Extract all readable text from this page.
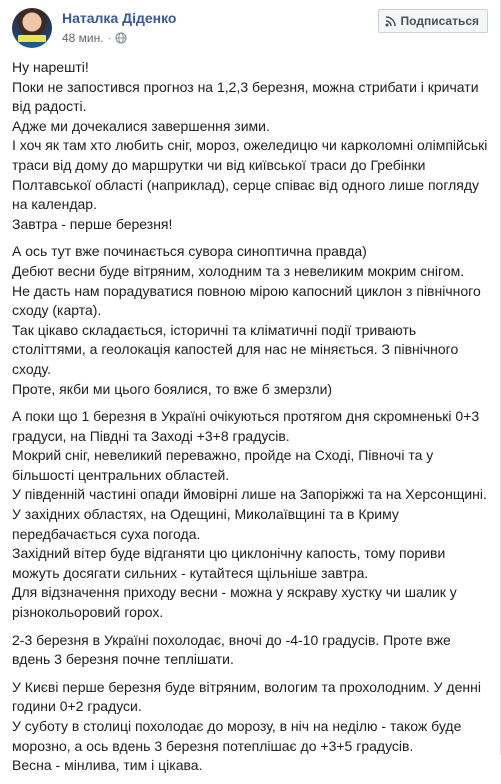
Наталка Діденко
48 мин. ·
Подписаться
Ну нарешті!
Поки не запостився прогноз на 1,2,3 березня, можна стрибати і кричати від радості.
Адже ми дочекалися завершення зими.
І хоч як там хто любить сніг, мороз, ожеледицю чи карколомні олімпійські траси від дому до маршрутки чи від київської траси до Гребінки Полтавської області (наприклад), серце співає від одного лише погляду на календар.
Завтра - перше березня!
А ось тут вже починається сувора синоптична правда)
Дебют весни буде вітряним, холодним та з невеликим мокрим снігом.
Не дасть нам порадуватися повною мірою капосний циклон з північного сходу (карта).
Так цікаво складається, історичні та кліматичні події тривають століттями, а геолокація капостей для нас не міняється. З північного сходу.
Проте, якби ми цього боялися, то вже б змерзли)
А поки що 1 березня в Україні очікуються протягом дня скромненькі 0+3 градуси, на Півдні та Заході +3+8 градусів.
Мокрий сніг, невеликий переважно, пройде на Сході, Півночі та у більшості центральних областей.
У південній частині опади ймовірні лише на Запоріжжі та на Херсонщині.
У західних областях, на Одещині, Миколаївщині та в Криму передбачається суха погода.
Західний вітер буде відганяти цю циклонічну капость, тому пориви можуть досягати сильних - кутайтеся щільніше завтра.
Для відзначення приходу весни - можна у яскраву хустку чи шалик у різнокольоровий горох.
2-3 березня в Україні похолодає, вночі до -4-10 градусів. Проте вже вдень 3 березня почне теплішати.
У Києві перше березня буде вітряним, вологим та прохолодним. У денні години 0+2 градуси.
У суботу в столиці похолодає до морозу, в ніч на неділю - також буде морозно, а ось вдень 3 березня потеплішає до +3+5 градусів.
Весна - мінлива, тим і цікава.
